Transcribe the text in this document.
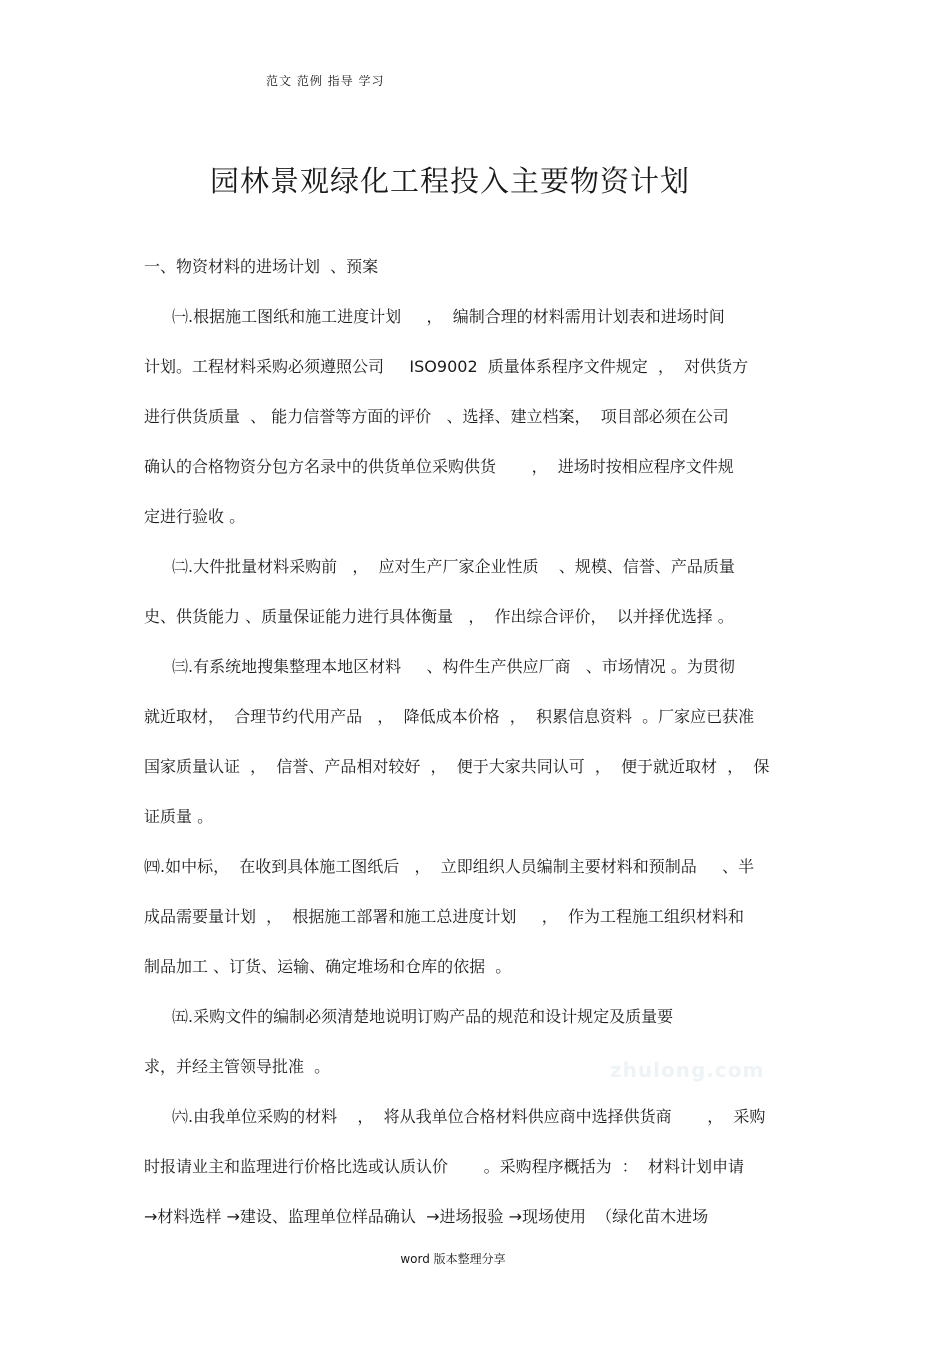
范文 范例 指导 学习
园林景观绿化工程投入主要物资计划
一、物资材料的进场计划  、预案
㈠.根据施工图纸和施工进度计划     ，  编制合理的材料需用计划表和进场时间
计划。工程材料采购必须遵照公司     ISO9002  质量体系程序文件规定  ，  对供货方
进行供货质量  、 能力信誉等方面的评价   、选择、建立档案，  项目部必须在公司
确认的合格物资分包方名录中的供货单位采购供货       ，  进场时按相应程序文件规
定进行验收 。
㈡.大件批量材料采购前   ，  应对生产厂家企业性质    、规模、信誉、产品质量
史、供货能力 、质量保证能力进行具体衡量   ，  作出综合评价，  以并择优选择 。
㈢.有系统地搜集整理本地区材料     、构件生产供应厂商   、市场情况 。为贯彻
就近取材，  合理节约代用产品   ，  降低成本价格  ，  积累信息资料  。厂家应已获准
国家质量认证  ，  信誉、产品相对较好  ，  便于大家共同认可  ，  便于就近取材  ，  保
证质量 。
㈣.如中标，  在收到具体施工图纸后   ，  立即组织人员编制主要材料和预制品     、半
成品需要量计划  ，  根据施工部署和施工总进度计划     ，  作为工程施工组织材料和
制品加工 、订货、运输、确定堆场和仓库的依据  。
㈤.采购文件的编制必须清楚地说明订购产品的规范和设计规定及质量要
求，并经主管领导批准  。
㈥.由我单位采购的材料    ，  将从我单位合格材料供应商中选择供货商       ，  采购
时报请业主和监理进行价格比选或认质认价       。采购程序概括为  ：  材料计划申请
→材料选样 →建设、监理单位样品确认  →进场报验 →现场使用  （绿化苗木进场
zhulong.com
word 版本整理分享
